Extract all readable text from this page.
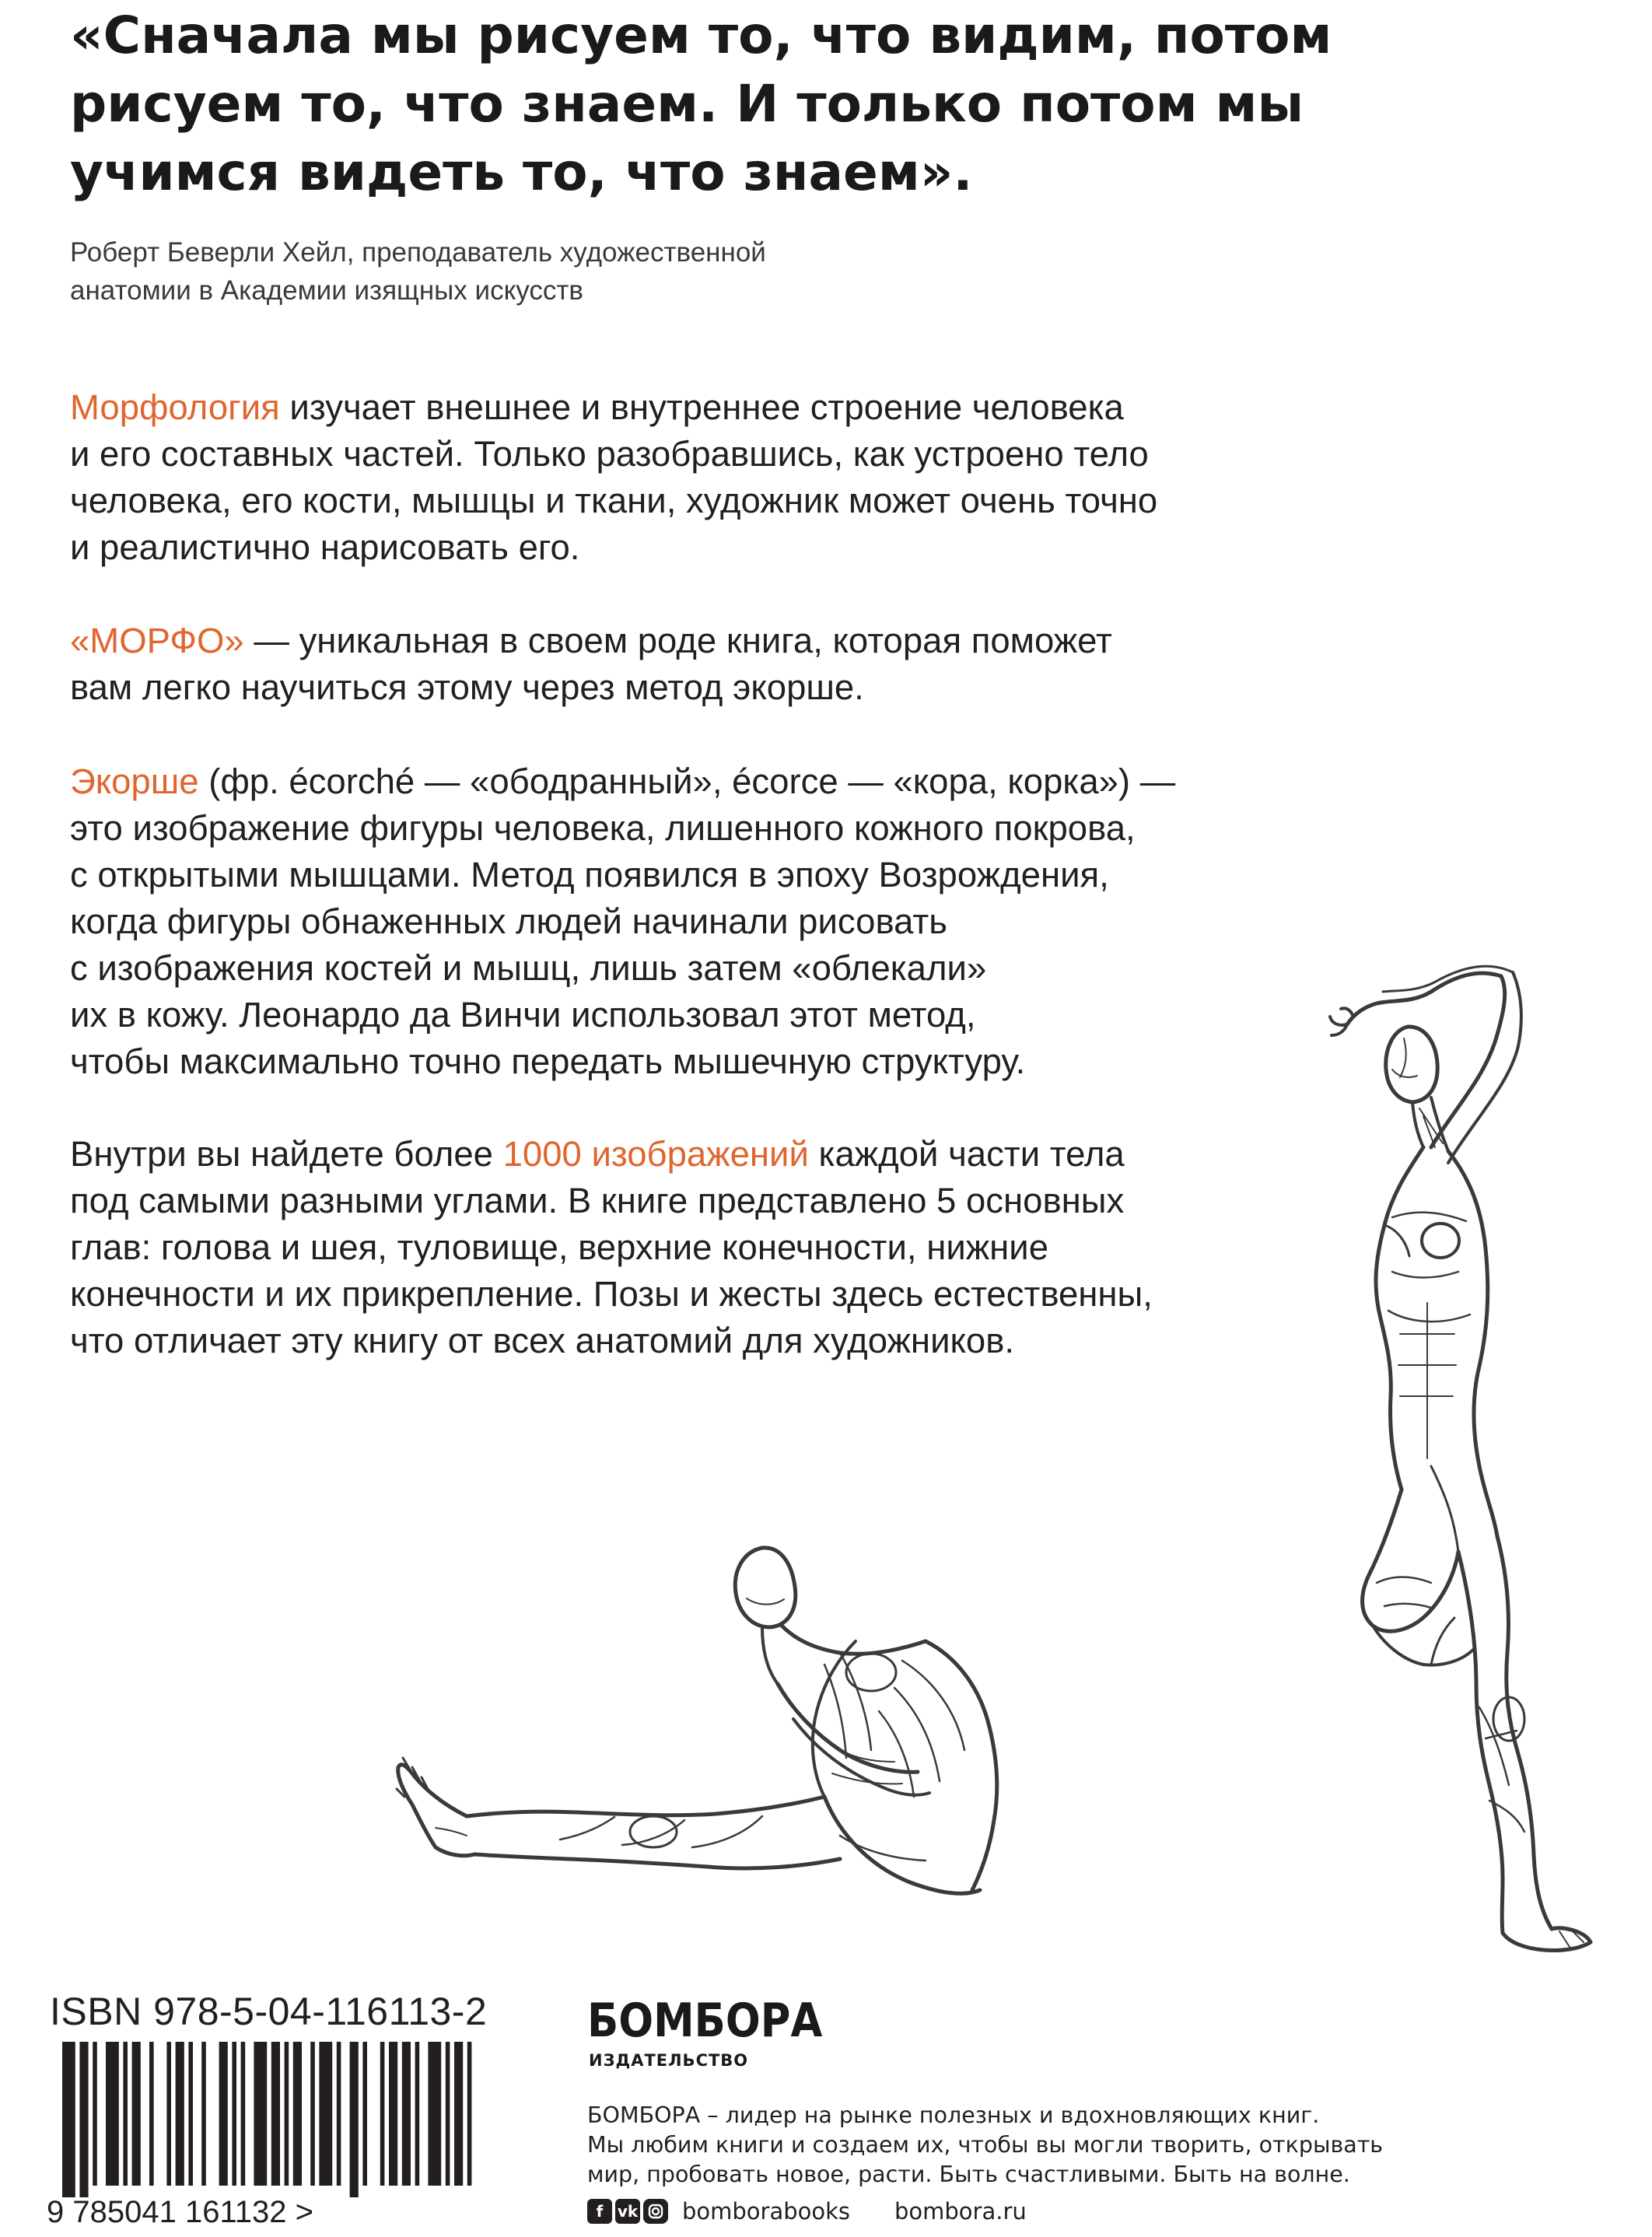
«Сначала мы рисуем то, что видим, потом
рисуем то, что знаем. И только потом мы
учимся видеть то, что знаем».
Роберт Беверли Хейл, преподаватель художественной
анатомии в Академии изящных искусств
Морфология изучает внешнее и внутреннее строение человека
и его составных частей. Только разобравшись, как устроено тело
человека, его кости, мышцы и ткани, художник может очень точно
и реалистично нарисовать его.
«МОРФО» — уникальная в своем роде книга, которая поможет
вам легко научиться этому через метод экорше.
Экорше (фр. écorché — «ободранный», écorce — «кора, корка») —
это изображение фигуры человека, лишенного кожного покрова,
с открытыми мышцами. Метод появился в эпоху Возрождения,
когда фигуры обнаженных людей начинали рисовать
с изображения костей и мышц, лишь затем «облекали»
их в кожу. Леонардо да Винчи использовал этот метод,
чтобы максимально точно передать мышечную структуру.
Внутри вы найдете более 1000 изображений каждой части тела
под самыми разными углами. В книге представлено 5 основных
глав: голова и шея, туловище, верхние конечности, нижние
конечности и их прикрепление. Позы и жесты здесь естественны,
что отличает эту книгу от всех анатомий для художников.
ISBN 978-5-04-116113-2
9 785041 161132 >
БОМБОРА
ИЗДАТЕЛЬСТВО
БОМБОРА – лидер на рынке полезных и вдохновляющих книг.
Мы любим книги и создаем их, чтобы вы могли творить, открывать
мир, пробовать новое, расти. Быть счастливыми. Быть на волне.
f vk bomborabooks bombora.ru
